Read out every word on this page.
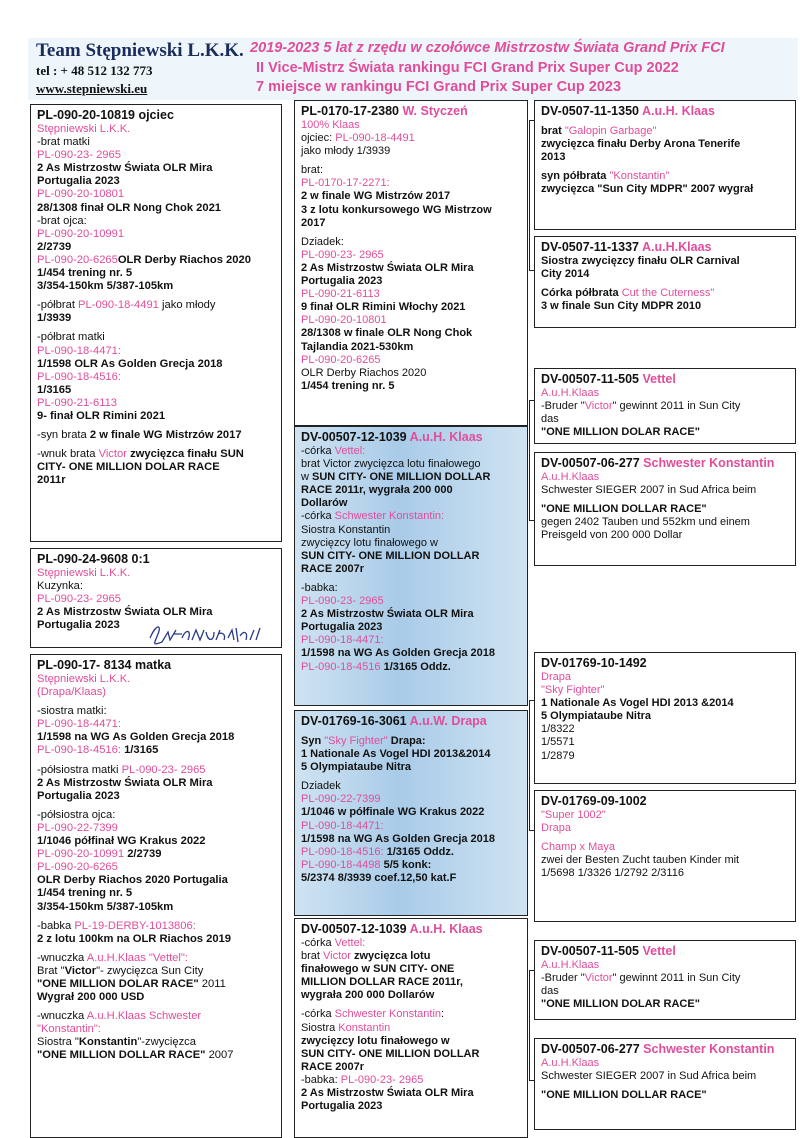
Team Stępniewski L.K.K.
tel : + 48 512 132 773
www.stepniewski.eu
2019-2023 5 lat z rzędu w czołówce Mistrzostw Świata Grand Prix FCI
II Vice-Mistrz Świata rankingu FCI Grand Prix Super Cup 2022
7 miejsce w rankingu FCI Grand Prix Super Cup 2023
PL-090-20-10819 ojciec
Stępniewski L.K.K.
-brat matki
PL-090-23- 2965
2 As Mistrzostw Świata OLR Mira
Portugalia 2023
PL-090-20-10801
28/1308 finał OLR Nong Chok 2021
-brat ojca:
PL-090-20-10991
2/2739
PL-090-20-6265OLR Derby Riachos 2020
1/454 trening nr. 5
3/354-150km 5/387-105km

-półbrat PL-090-18-4491 jako młody
1/3939

-półbrat matki
PL-090-18-4471:
1/1598 OLR As Golden Grecja 2018
PL-090-18-4516:
1/3165
PL-090-21-6113
9- finał OLR Rimini 2021

-syn brata 2 w finale WG Mistrzów 2017

-wnuk brata Victor zwycięzca finału SUN
CITY- ONE MILLION DOLAR RACE
2011r
PL-090-24-9608 0:1
Stępniewski L.K.K.
Kuzynka:
PL-090-23- 2965
2 As Mistrzostw Świata OLR Mira
Portugalia 2023
PL-090-17- 8134 matka
Stępniewski L.K.K.
(Drapa/Klaas)

-siostra matki:
PL-090-18-4471:
1/1598 na WG As Golden Grecja 2018
PL-090-18-4516: 1/3165

-półsiostra matki PL-090-23- 2965
2 As Mistrzostw Świata OLR Mira
Portugalia 2023

-półsiostra ojca:
PL-090-22-7399
1/1046 półfinał WG Krakus 2022
PL-090-20-10991 2/2739
PL-090-20-6265
OLR Derby Riachos 2020 Portugalia
1/454 trening nr. 5
3/354-150km 5/387-105km

-babka PL-19-DERBY-1013806:
2 z lotu 100km na OLR Riachos 2019

-wnuczka A.u.H.Klaas "Vettel":
Brat "Victor"- zwycięzca Sun City
"ONE MILLION DOLAR RACE" 2011
Wygrał 200 000 USD

-wnuczka A.u.H.Klaas Schwester
"Konstantin":
Siostra "Konstantin"-zwycięzca
"ONE MILLION DOLLAR RACE" 2007
PL-0170-17-2380 W. Styczeń
100% Klaas
ojciec: PL-090-18-4491
jako młody 1/3939

brat:
PL-0170-17-2271:
2 w finale WG Mistrzów 2017
3 z lotu konkursowego WG Mistrzow
2017

Dziadek:
PL-090-23- 2965
2 As Mistrzostw Świata OLR Mira
Portugalia 2023
PL-090-21-6113
9 finał OLR Rimini Włochy 2021
PL-090-20-10801
28/1308 w finale OLR Nong Chok
Tajlandia 2021-530km
PL-090-20-6265
OLR Derby Riachos 2020
1/454 trening nr. 5
DV-00507-12-1039 A.u.H. Klaas
-córka Vettel:
brat Victor zwycięzca lotu finałowego
w SUN CITY- ONE MILLION DOLLAR
RACE 2011r, wygrała 200 000
Dollarów
-córka Schwester Konstantin:
Siostra Konstantin
zwycięzcy lotu finałowego w
SUN CITY- ONE MILLION DOLLAR
RACE 2007r

-babka:
PL-090-23- 2965
2 As Mistrzostw Świata OLR Mira
Portugalia 2023
PL-090-18-4471:
1/1598 na WG As Golden Grecja 2018
PL-090-18-4516 1/3165 Oddz.
DV-01769-16-3061 A.u.W. Drapa

Syn "Sky Fighter" Drapa:
1 Nationale As Vogel HDI 2013&2014
5 Olympiataube Nitra

Dziadek
PL-090-22-7399
1/1046 w półfinale WG Krakus 2022
PL-090-18-4471:
1/1598 na WG As Golden Grecja 2018
PL-090-18-4516: 1/3165 Oddz.
PL-090-18-4498 5/5 konk:
5/2374 8/3939 coef.12,50 kat.F
DV-00507-12-1039 A.u.H. Klaas
-córka Vettel:
brat Victor zwycięzca lotu
finałowego w SUN CITY- ONE
MILLION DOLLAR RACE 2011r,
wygrała 200 000 Dollarów

-córka Schwester Konstantin:
Siostra Konstantin
zwycięzcy lotu finałowego w
SUN CITY- ONE MILLION DOLLAR
RACE 2007r
-babka: PL-090-23- 2965
2 As Mistrzostw Świata OLR Mira
Portugalia 2023
DV-0507-11-1350 A.u.H. Klaas

brat "Galopin Garbage"
zwycięzca finału Derby Arona Tenerife
2013

syn półbrata "Konstantin"
zwycięzca "Sun City MDPR" 2007 wygrał
DV-0507-11-1337 A.u.H.Klaas
Siostra zwycięzcy finału OLR Carnival
City 2014

Córka półbrata Cut the Cuterness"
3 w finale Sun City MDPR 2010
DV-00507-11-505 Vettel
A.u.H.Klaas
-Bruder "Victor" gewinnt 2011 in Sun City
das
"ONE MILLION DOLAR RACE"
DV-00507-06-277 Schwester Konstantin
A.u.H.Klaas
Schwester SIEGER 2007 in Sud Africa beim

"ONE MILLION DOLLAR RACE"
gegen 2402 Tauben und 552km und einem
Preisgeld von 200 000 Dollar
DV-01769-10-1492
Drapa
"Sky Fighter"
1 Nationale As Vogel HDI 2013 &2014
5 Olympiataube Nitra
1/8322
1/5571
1/2879
DV-01769-09-1002
"Super 1002"
Drapa

Champ x Maya
zwei der Besten Zucht tauben Kinder mit
1/5698 1/3326 1/2792 2/3116
DV-00507-11-505 Vettel
A.u.H.Klaas
-Bruder "Victor" gewinnt 2011 in Sun City
das
"ONE MILLION DOLAR RACE"
DV-00507-06-277 Schwester Konstantin
A.u.H.Klaas
Schwester SIEGER 2007 in Sud Africa beim

"ONE MILLION DOLLAR RACE"
